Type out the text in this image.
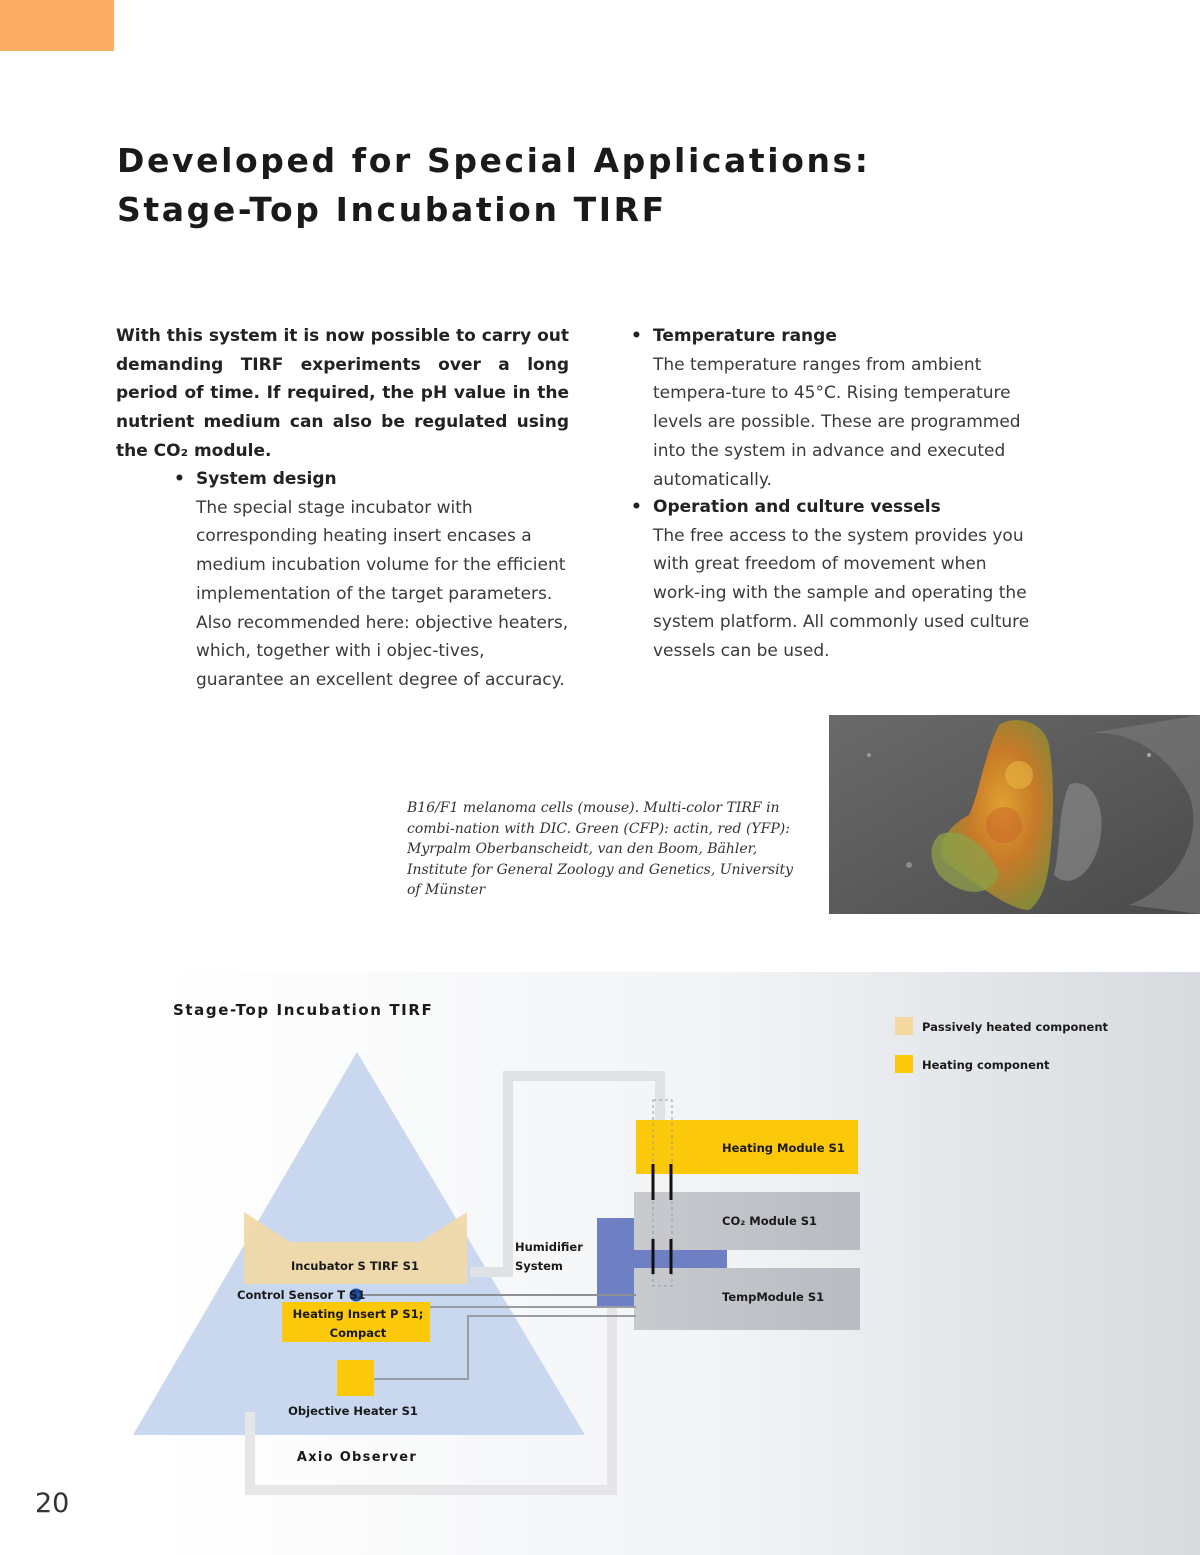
Developed for Special Applications:
Stage-Top Incubation TIRF

With this system it is now possible to carry out demanding TIRF experiments over a long period of time. If required, the pH value in the nutrient medium can also be regulated using the CO₂ module.

• System design
The special stage incubator with corresponding heating insert encases a medium incubation volume for the efficient implementation of the target parameters. Also recommended here: objective heaters, which, together with i objec-tives, guarantee an excellent degree of accuracy.
• Temperature range
The temperature ranges from ambient tempera-ture to 45°C. Rising temperature levels are possible. These are programmed into the system in advance and executed automatically.
• Operation and culture vessels
The free access to the system provides you with great freedom of movement when work-ing with the sample and operating the system platform. All commonly used culture vessels can be used.

B16/F1 melanoma cells (mouse). Multi-color TIRF in combi-nation with DIC. Green (CFP): actin, red (YFP): Myrpalm Oberbanscheidt, van den Boom, Bähler, Institute for General Zoology and Genetics, University of Münster

Stage-Top Incubation TIRF
Passively heated component
Heating component
Heating Module S1
CO₂ Module S1
TempModule S1
Humidifier
System
Incubator S TIRF S1
Control Sensor T S1
Heating Insert P S1;
Compact
Objective Heater S1
Axio Observer
20
